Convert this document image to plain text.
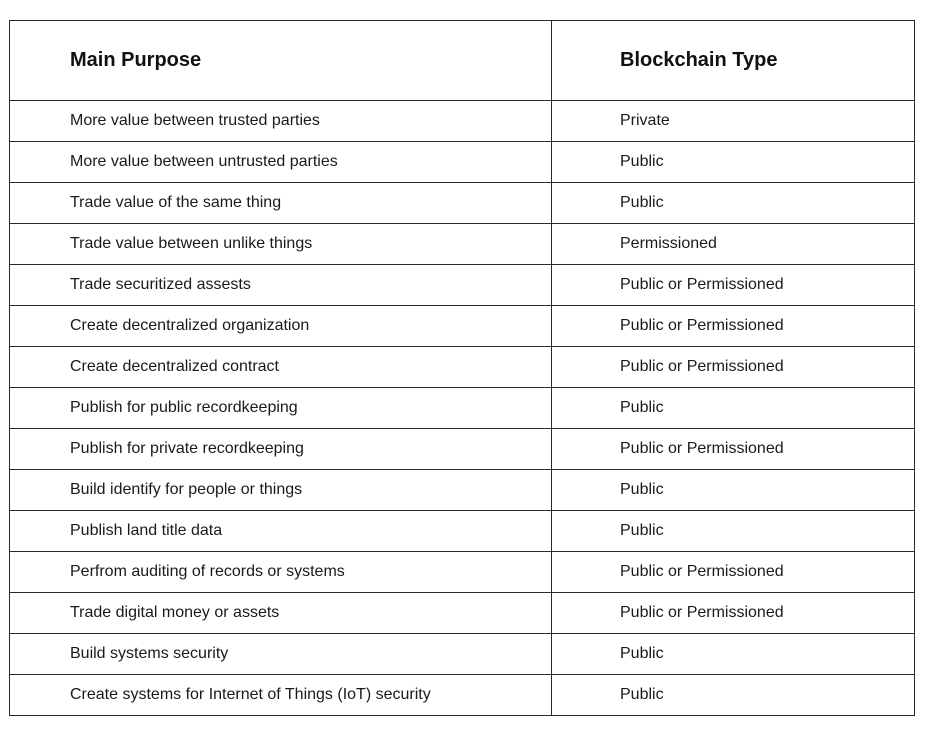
Main Purpose	Blockchain Type
More value between trusted parties	Private
More value between untrusted parties	Public
Trade value of the same thing	Public
Trade value between unlike things	Permissioned
Trade securitized assests	Public or Permissioned
Create decentralized organization	Public or Permissioned
Create decentralized contract	Public or Permissioned
Publish for public recordkeeping	Public
Publish for private recordkeeping	Public or Permissioned
Build identify for people or things	Public
Publish land title data	Public
Perfrom auditing of records or systems	Public or Permissioned
Trade digital money or assets	Public or Permissioned
Build systems security	Public
Create systems for Internet of Things (IoT) security	Public
